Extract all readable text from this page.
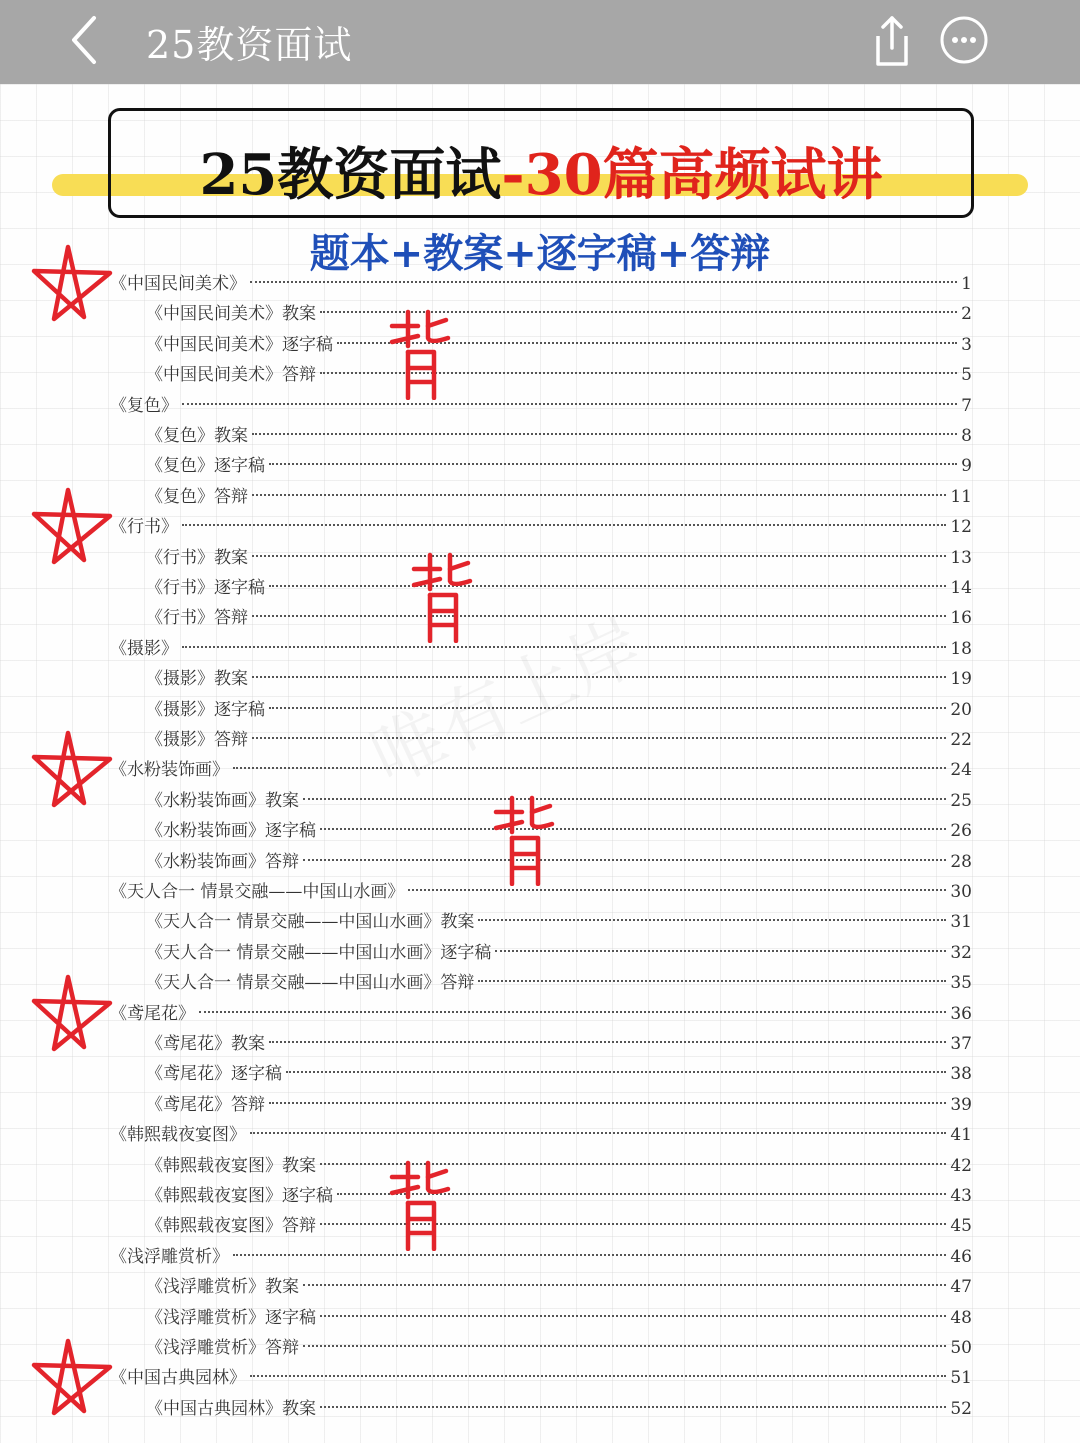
25教资面试
25教资面试-30篇高频试讲
题本+教案+逐字稿+答辩
唯有上岸
《中国民间美术》	1
《中国民间美术》教案	2
《中国民间美术》逐字稿	3
《中国民间美术》答辩	5
《复色》	7
《复色》教案	8
《复色》逐字稿	9
《复色》答辩	11
《行书》	12
《行书》教案	13
《行书》逐字稿	14
《行书》答辩	16
《摄影》	18
《摄影》教案	19
《摄影》逐字稿	20
《摄影》答辩	22
《水粉装饰画》	24
《水粉装饰画》教案	25
《水粉装饰画》逐字稿	26
《水粉装饰画》答辩	28
《天人合一 情景交融——中国山水画》	30
《天人合一 情景交融——中国山水画》教案	31
《天人合一 情景交融——中国山水画》逐字稿	32
《天人合一 情景交融——中国山水画》答辩	35
《鸢尾花》	36
《鸢尾花》教案	37
《鸢尾花》逐字稿	38
《鸢尾花》答辩	39
《韩熙载夜宴图》	41
《韩熙载夜宴图》教案	42
《韩熙载夜宴图》逐字稿	43
《韩熙载夜宴图》答辩	45
《浅浮雕赏析》	46
《浅浮雕赏析》教案	47
《浅浮雕赏析》逐字稿	48
《浅浮雕赏析》答辩	50
《中国古典园林》	51
《中国古典园林》教案	52
